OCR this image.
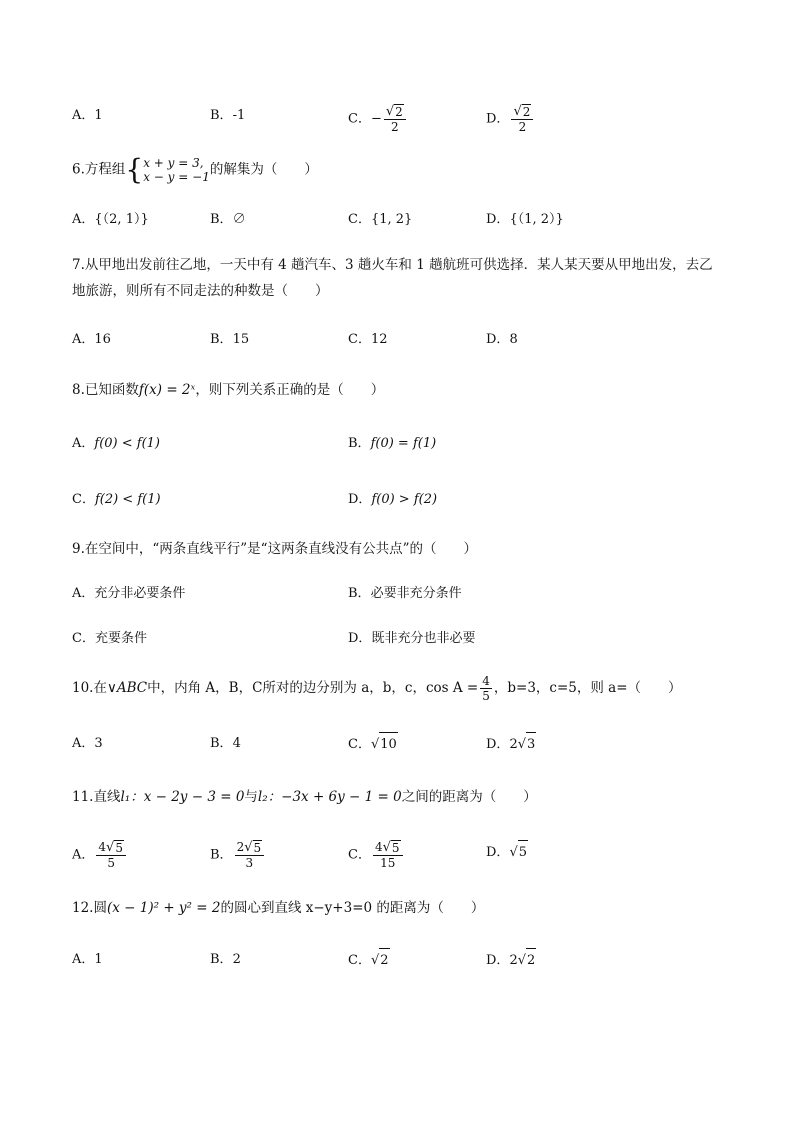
A．1	B．-1	C．− $\frac{√ 2}{2}$	D． $\frac{√ 2}{2}$
6.方程组 { x + y = 3,
x − y = −1 的解集为（　　）
A．{（2, 1）}	B．∅	C．{1, 2}	D．{（1, 2）}
7.从甲地出发前往乙地，一天中有 4 趟汽车、3 趟火车和 1 趟航班可供选择．某人某天要从甲地出发，去乙
地旅游，则所有不同走法的种数是（　　）
A．16	B．15	C．12	D．8
8.已知函数f(x) = 2ˣ，则下列关系正确的是（　　）
A．f(0) < f(1)	B．f(0) = f(1)
C．f(2) < f(1)	D．f(0) > f(2)
9.在空间中，“两条直线平行”是“这两条直线没有公共点”的（　　）
A．充分非必要条件	B．必要非充分条件
C．充要条件	D．既非充分也非必要
10.在∨ABC中，内角 A，B，C所对的边分别为 a，b，c，$\cos A = \frac{4}{5}$ ，b=3，c=5，则 a=（　　）
A．3	B．4	C． √ 10	D．2 √ 3
11.直线l₁：x − 2y − 3 = 0与l₂：−3x + 6y − 1 = 0之间的距离为（　　）
A． $\frac{4 √ 5}{5}$	B． $\frac{2 √ 5}{3}$	C． $\frac{4 √ 5}{15}$	D． √ 5
12.圆(x − 1)² + y² = 2的圆心到直线 x−y+3=0 的距离为（　　）
A．1	B．2	C． √ 2	D．2 √ 2
